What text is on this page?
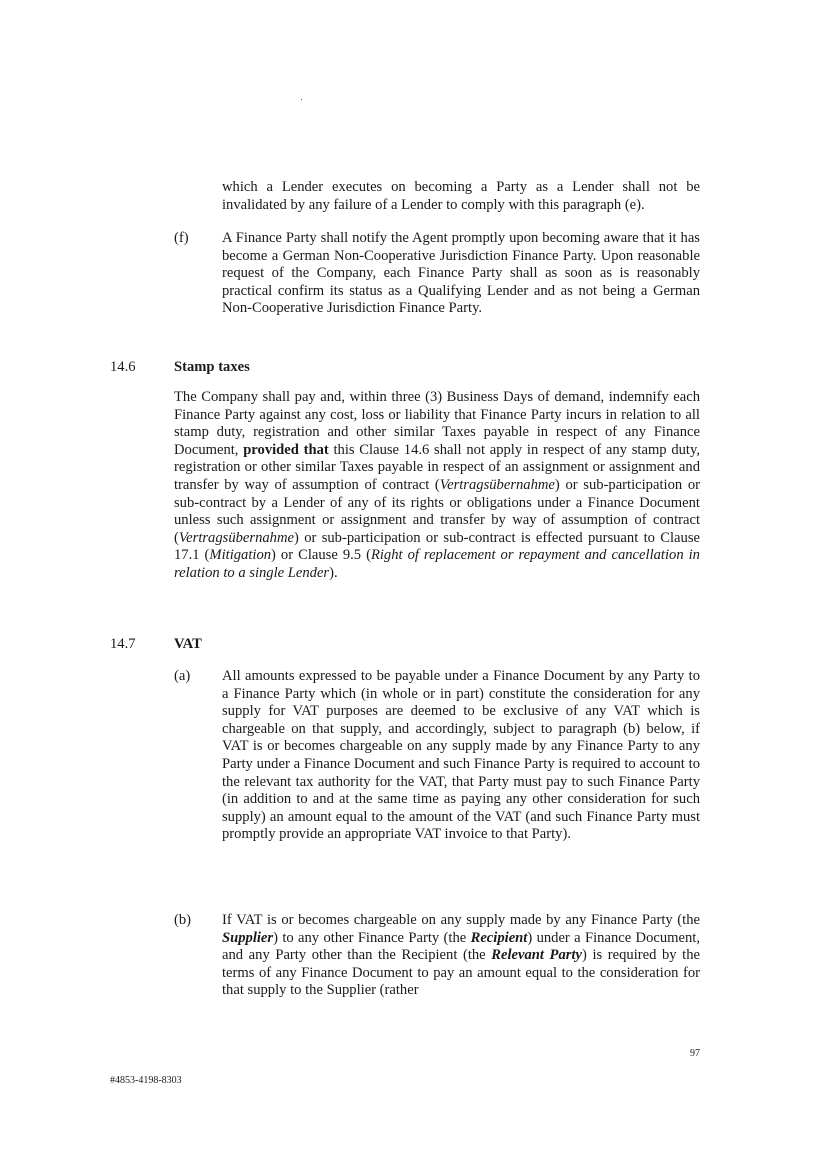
which a Lender executes on becoming a Party as a Lender shall not be invalidated by any failure of a Lender to comply with this paragraph (e).

(f) A Finance Party shall notify the Agent promptly upon becoming aware that it has become a German Non-Cooperative Jurisdiction Finance Party. Upon reasonable request of the Company, each Finance Party shall as soon as is reasonably practical confirm its status as a Qualifying Lender and as not being a German Non-Cooperative Jurisdiction Finance Party.

14.6	Stamp taxes

The Company shall pay and, within three (3) Business Days of demand, indemnify each Finance Party against any cost, loss or liability that Finance Party incurs in relation to all stamp duty, registration and other similar Taxes payable in respect of any Finance Document, provided that this Clause 14.6 shall not apply in respect of any stamp duty, registration or other similar Taxes payable in respect of an assignment or assignment and transfer by way of assumption of contract (Vertragsübernahme) or sub-participation or sub-contract by a Lender of any of its rights or obligations under a Finance Document unless such assignment or assignment and transfer by way of assumption of contract (Vertragsübernahme) or sub-participation or sub-contract is effected pursuant to Clause 17.1 (Mitigation) or Clause 9.5 (Right of replacement or repayment and cancellation in relation to a single Lender).

14.7	VAT
(a) All amounts expressed to be payable under a Finance Document by any Party to a Finance Party which (in whole or in part) constitute the consideration for any supply for VAT purposes are deemed to be exclusive of any VAT which is chargeable on that supply, and accordingly, subject to paragraph (b) below, if VAT is or becomes chargeable on any supply made by any Finance Party to any Party under a Finance Document and such Finance Party is required to account to the relevant tax authority for the VAT, that Party must pay to such Finance Party (in addition to and at the same time as paying any other consideration for such supply) an amount equal to the amount of the VAT (and such Finance Party must promptly provide an appropriate VAT invoice to that Party).

(b) If VAT is or becomes chargeable on any supply made by any Finance Party (the Supplier) to any other Finance Party (the Recipient) under a Finance Document, and any Party other than the Recipient (the Relevant Party) is required by the terms of any Finance Document to pay an amount equal to the consideration for that supply to the Supplier (rather

97
#4853-4198-8303
